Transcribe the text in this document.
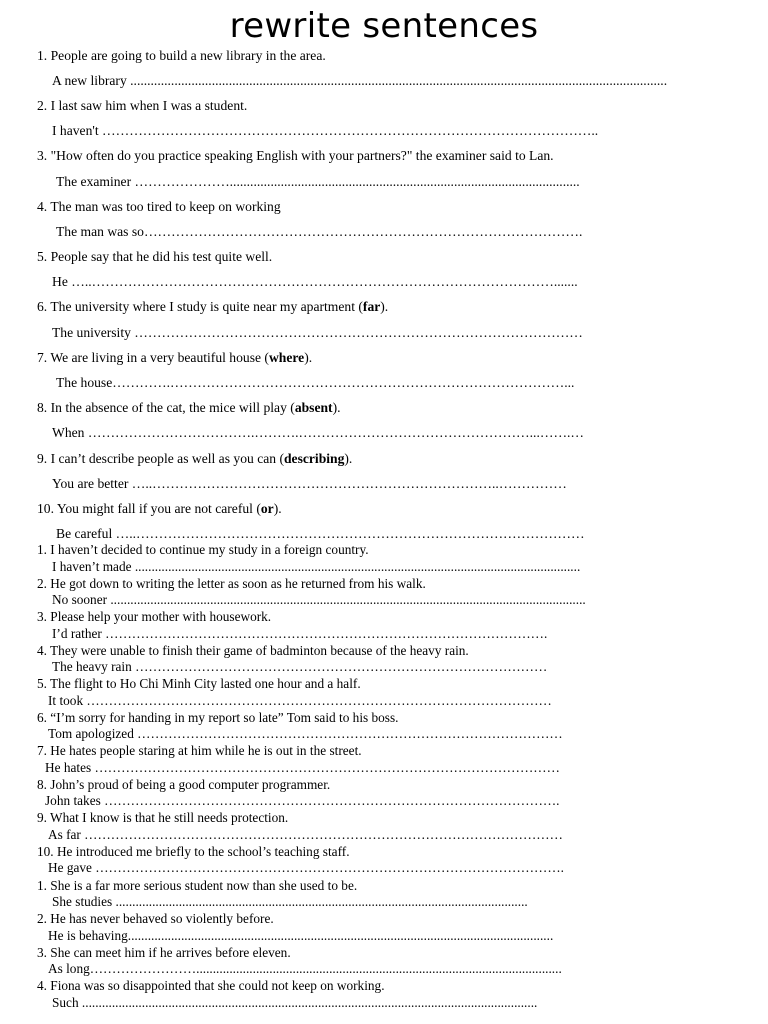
rewrite sentences
1. People are going to build a new library in the area.
A new library ..............................................................................................................................................................
2. I last saw him when I was a student.
I haven't ………………………………………………………………………………………………..
3. "How often do you practice speaking English with your partners?" the examiner said to Lan.
The examiner ………………….......................................................................................................
4. The man was too tired to keep on working
The man was so…………………………………………………………………………………….
5. People say that he did his test quite well.
He …..………………………………………………………………………………………….......
6. The university where I study is quite near my apartment (far).
The university ………………………………………………………………………………………
7. We are living in a very beautiful house (where).
The house………….……………………………………………………………………………...
8. In the absence of the cat, the mice will play (absent).
When ……………………………….……….……………………………………………...…….…
9. I can’t describe people as well as you can (describing).
You are better …..…………………………………………………………………..……………
10. You might fall if you are not careful (or).
Be careful …..………………………………………………………………………………………
1. I haven’t decided to continue my study in a foreign country.
I haven’t made ......................................................................................................................................
2. He got down to writing the letter as soon as he returned from his walk.
No sooner ...............................................................................................................................................
3. Please help your mother with housework.
I’d rather ……………………………………………………………………………………….
4. They were unable to finish their game of badminton because of the heavy rain.
The heavy rain …………………………………………………………………………………
5. The flight to Ho Chi Minh City lasted one hour and a half.
It took ……………………………………………………………………………………………
6. “I’m sorry for handing in my report so late” Tom said to his boss.
Tom apologized ……………………………………………………………………………………
7. He hates people staring at him while he is out in the street.
He hates ……………………………………………………………………………………………
8. John’s proud of being a good computer programmer.
John takes ………………………………………………………………………………………….
9. What I know is that he still needs protection.
As far ………………………………………………………………………………………………
10. He introduced me briefly to the school’s teaching staff.
He gave …………………………………………………………………………………………….
1. She is a far more serious student now than she used to be.
She studies ............................................................................................................................
2. He has never behaved so violently before.
He is behaving................................................................................................................................
3. She can meet him if he arrives before eleven.
As long……………………..............................................................................................................
4. Fiona was so disappointed that she could not keep on working.
Such .........................................................................................................................................
